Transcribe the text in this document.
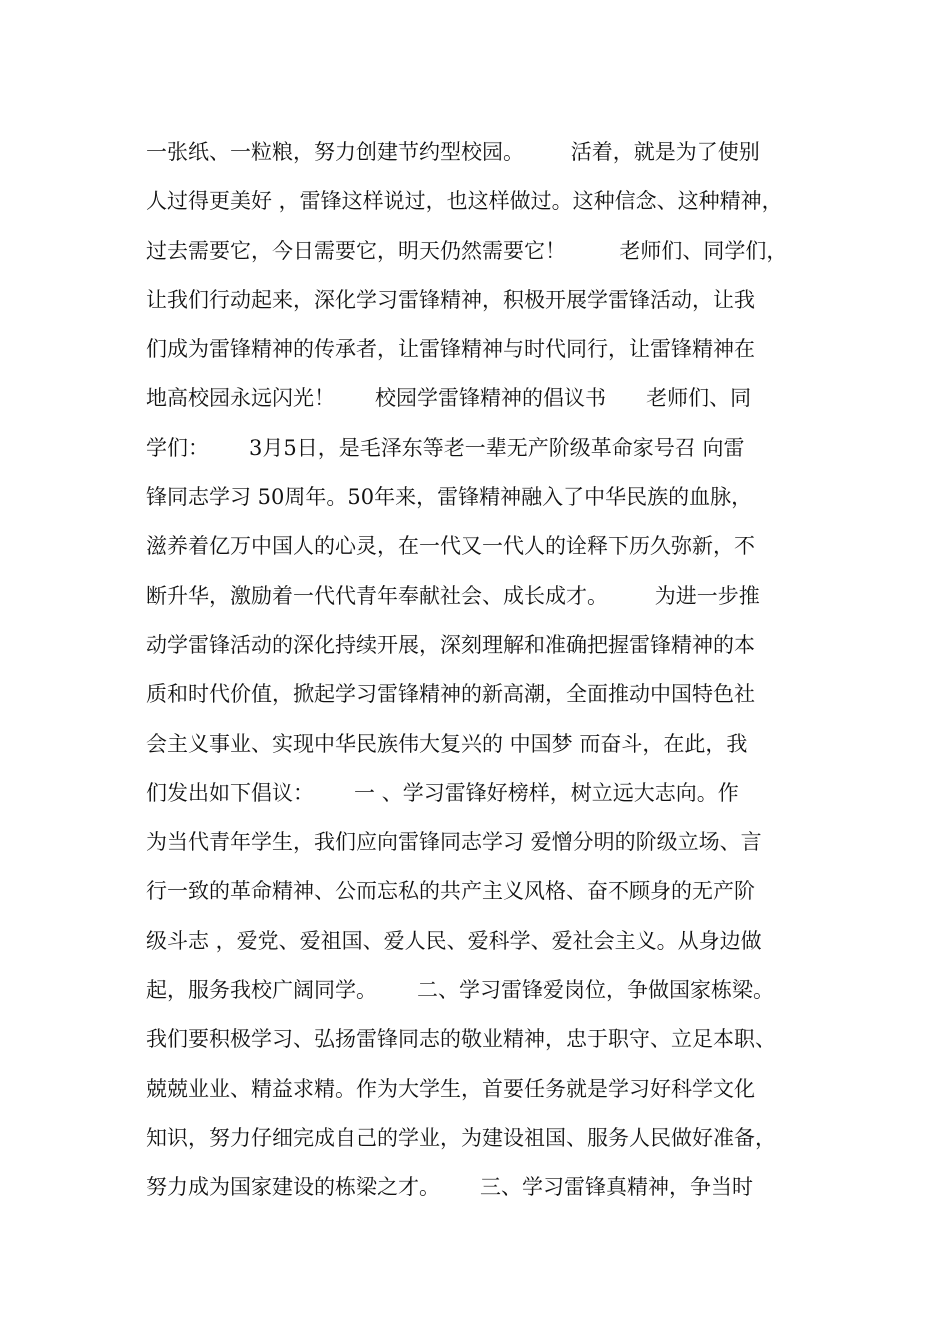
一张纸、一粒粮，努力创建节约型校园。       活着，就是为了使别
人过得更美好 ，雷锋这样说过，也这样做过。这种信念、这种精神，
过去需要它，今日需要它，明天仍然需要它！        老师们、同学们，
让我们行动起来，深化学习雷锋精神，积极开展学雷锋活动，让我
们成为雷锋精神的传承者，让雷锋精神与时代同行，让雷锋精神在
地高校园永远闪光！      校园学雷锋精神的倡议书      老师们、同
学们：      3月5日，是毛泽东等老一辈无产阶级革命家号召 向雷
锋同志学习 50周年。50年来，雷锋精神融入了中华民族的血脉，
滋养着亿万中国人的心灵，在一代又一代人的诠释下历久弥新，不
断升华，激励着一代代青年奉献社会、成长成才。       为进一步推
动学雷锋活动的深化持续开展，深刻理解和准确把握雷锋精神的本
质和时代价值，掀起学习雷锋精神的新高潮，全面推动中国特色社
会主义事业、实现中华民族伟大复兴的 中国梦 而奋斗，在此，我
们发出如下倡议：      一 、学习雷锋好榜样，树立远大志向。作
为当代青年学生，我们应向雷锋同志学习 爱憎分明的阶级立场、言
行一致的革命精神、公而忘私的共产主义风格、奋不顾身的无产阶
级斗志 ，爱党、爱祖国、爱人民、爱科学、爱社会主义。从身边做
起，服务我校广阔同学。      二、学习雷锋爱岗位，争做国家栋梁。
我们要积极学习、弘扬雷锋同志的敬业精神，忠于职守、立足本职、
兢兢业业、精益求精。作为大学生，首要任务就是学习好科学文化
知识，努力仔细完成自己的学业，为建设祖国、服务人民做好准备，
努力成为国家建设的栋梁之才。      三、学习雷锋真精神，争当时
